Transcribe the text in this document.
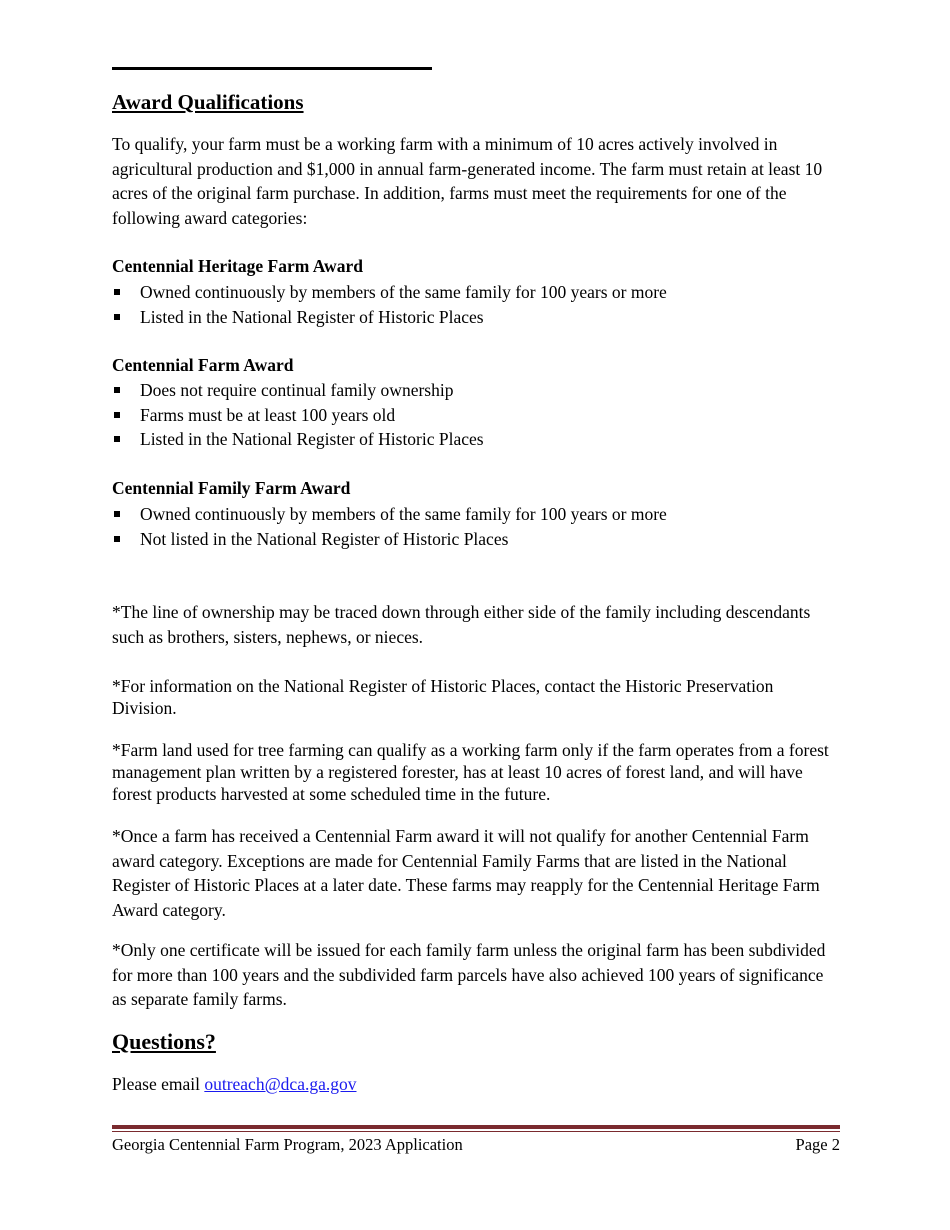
Award Qualifications

To qualify, your farm must be a working farm with a minimum of 10 acres actively involved in agricultural production and $1,000 in annual farm-generated income. The farm must retain at least 10 acres of the original farm purchase. In addition, farms must meet the requirements for one of the following award categories:

Centennial Heritage Farm Award

Owned continuously by members of the same family for 100 years or more
Listed in the National Register of Historic Places

Centennial Farm Award

Does not require continual family ownership
Farms must be at least 100 years old
Listed in the National Register of Historic Places

Centennial Family Farm Award

Owned continuously by members of the same family for 100 years or more
Not listed in the National Register of Historic Places

*The line of ownership may be traced down through either side of the family including descendants such as brothers, sisters, nephews, or nieces.

*For information on the National Register of Historic Places, contact the Historic Preservation Division.

*Farm land used for tree farming can qualify as a working farm only if the farm operates from a forest management plan written by a registered forester, has at least 10 acres of forest land, and will have forest products harvested at some scheduled time in the future.

*Once a farm has received a Centennial Farm award it will not qualify for another Centennial Farm award category. Exceptions are made for Centennial Family Farms that are listed in the National Register of Historic Places at a later date. These farms may reapply for the Centennial Heritage Farm Award category.

*Only one certificate will be issued for each family farm unless the original farm has been subdivided for more than 100 years and the subdivided farm parcels have also achieved 100 years of significance as separate family farms.

Questions?
Please email outreach@dca.ga.gov
Georgia Centennial Farm Program, 2023 Application	Page 2
